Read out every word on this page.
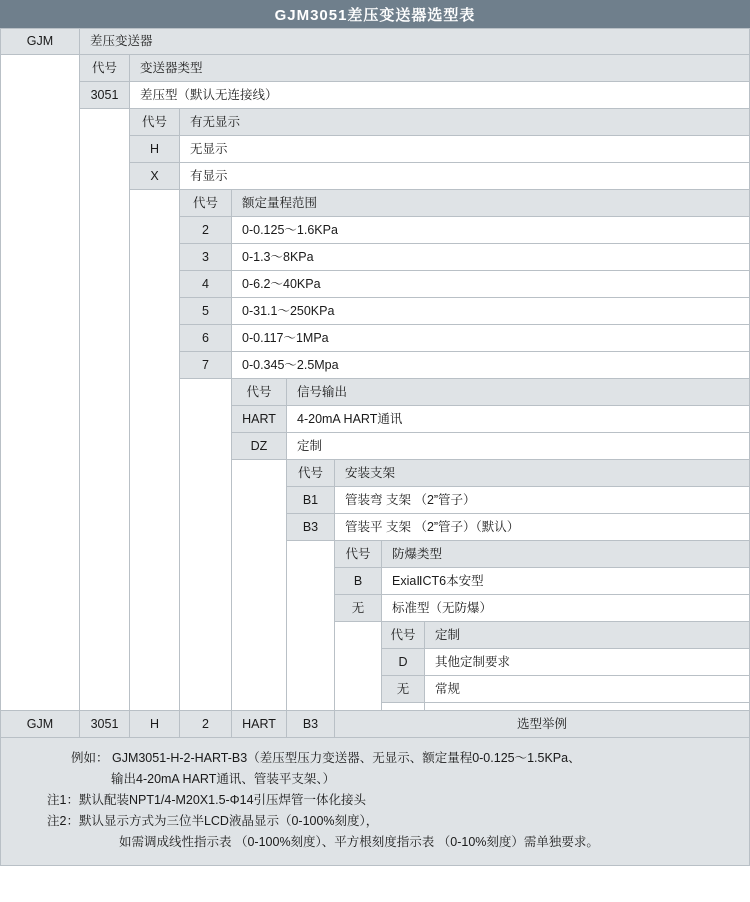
GJM3051差压变送器选型表
GJM	差压变送器
代号	变送器类型
3051	差压型（默认无连接线）
代号	有无显示
H	无显示
X	有显示
代号	额定量程范围
2	0-0.125～1.6KPa
3	0-1.3～8KPa
4	0-6.2～40KPa
5	0-31.1～250KPa
6	0-0.117～1MPa
7	0-0.345～2.5Mpa
代号	信号输出
HART	4-20mA HART通讯
DZ	定制
代号	安装支架
B1	管装弯 支架 （2”管子）
B3	管装平 支架 （2”管子）（默认）
代号	防爆类型
B	ExiaⅡCT6本安型
无	标准型（无防爆）
代号	定制
D	其他定制要求
无	常规
GJM	3051	H	2	HART	B3	选型举例
例如： GJM3051-H-2-HART-B3（差压型压力变送器、无显示、额定量程0-0.125～1.5KPa、
输出4-20mA HART通讯、管装平支架、）
注1：默认配装NPT1/4-M20X1.5-Φ14引压焊管一体化接头
注2：默认显示方式为三位半LCD液晶显示（0-100%刻度），
如需调成线性指示表 （0-100%刻度）、平方根刻度指示表 （0-10%刻度）需单独要求。
